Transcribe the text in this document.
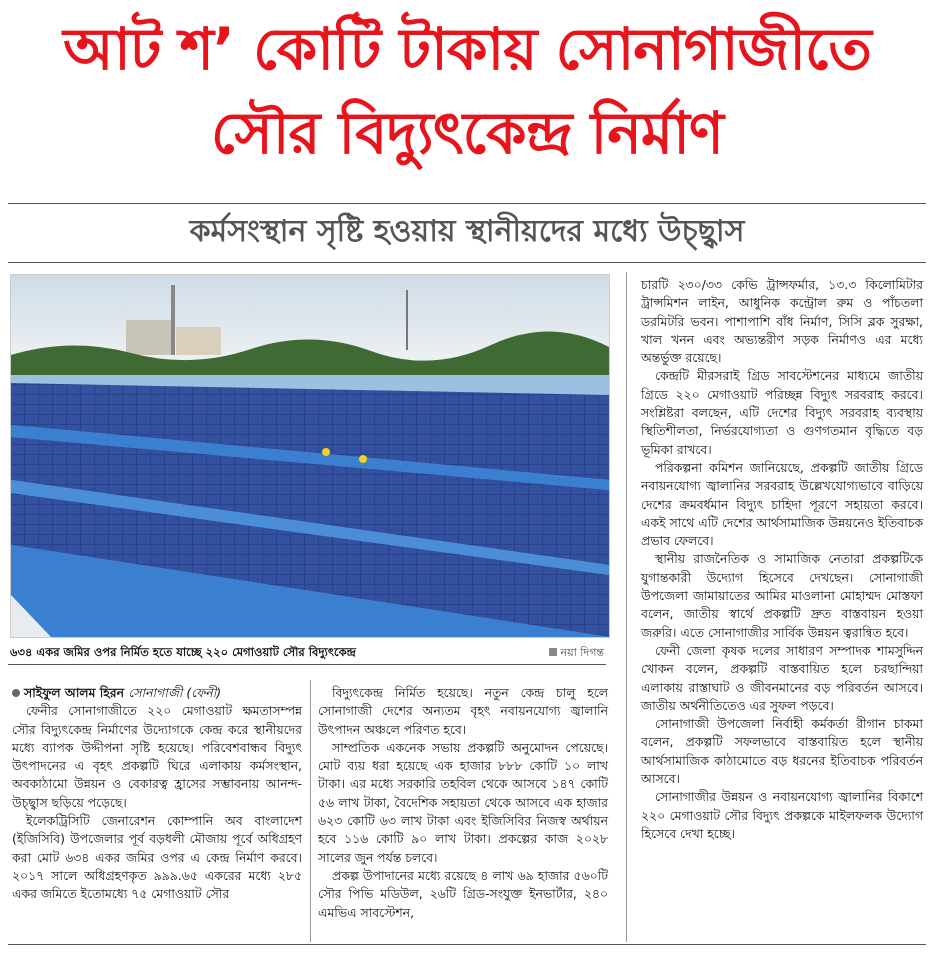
আট শ’ কোটি টাকায় সোনাগাজীতে
সৌর বিদ্যুৎকেন্দ্র নির্মাণ
কর্মসংস্থান সৃষ্টি হওয়ায় স্থানীয়দের মধ্যে উচ্ছ্বাস
৬৩৪ একর জমির ওপর নির্মিত হতে যাচ্ছে ২২০ মেগাওয়াট সৌর বিদ্যুৎকেন্দ্র	নয়া দিগন্ত

সাইফুল আলম হিরন সোনাগাজী (ফেনী)

ফেনীর সোনাগাজীতে ২২০ মেগাওয়াট ক্ষমতাসম্পন্ন সৌর বিদ্যুৎকেন্দ্র নির্মাণের উদ্যোগকে কেন্দ্র করে স্থানীয়দের মধ্যে ব্যাপক উদ্দীপনা সৃষ্টি হয়েছে। পরিবেশবান্ধব বিদ্যুৎ উৎপাদনের এ বৃহৎ প্রকল্পটি ঘিরে এলাকায় কর্মসংস্থান, অবকাঠামো উন্নয়ন ও বেকারত্ব হ্রাসের সম্ভাবনায় আনন্দ-উচ্ছ্বাস ছড়িয়ে পড়েছে।

ইলেকট্রিসিটি জেনারেশন কোম্পানি অব বাংলাদেশ (ইজিসিবি) উপজেলার পূর্ব বড়ধলী মৌজায় পূর্বে অধিগ্রহণ করা মোট ৬৩৪ একর জমির ওপর এ কেন্দ্র নির্মাণ করবে। ২০১৭ সালে অধিগ্রহণকৃত ৯৯৯.৬৫ একরের মধ্যে ২৮৫ একর জমিতে ইতোমধ্যে ৭৫ মেগাওয়াট সৌর

বিদ্যুৎকেন্দ্র নির্মিত হয়েছে। নতুন কেন্দ্র চালু হলে সোনাগাজী দেশের অন্যতম বৃহৎ নবায়নযোগ্য জ্বালানি উৎপাদন অঞ্চলে পরিণত হবে।

সাম্প্রতিক একনেক সভায় প্রকল্পটি অনুমোদন পেয়েছে। মোট ব্যয় ধরা হয়েছে এক হাজার ৮৮৮ কোটি ১০ লাখ টাকা। এর মধ্যে সরকারি তহবিল থেকে আসবে ১৪৭ কোটি ৫৬ লাখ টাকা, বৈদেশিক সহায়তা থেকে আসবে এক হাজার ৬২৩ কোটি ৬৩ লাখ টাকা এবং ইজিসিবির নিজস্ব অর্থায়ন হবে ১১৬ কোটি ৯০ লাখ টাকা। প্রকল্পের কাজ ২০২৮ সালের জুন পর্যন্ত চলবে।

প্রকল্প উপাদানের মধ্যে রয়েছে ৪ লাখ ৬৯ হাজার ৫৬০টি সৌর পিভি মডিউল, ২৬টি গ্রিড-সংযুক্ত ইনভার্টার, ২৪০ এমভিএ সাবস্টেশন,

চারটি ২৩০/৩৩ কেভি ট্রান্সফর্মার, ১৩.৩ কিলোমিটার ট্রান্সমিশন লাইন, আধুনিক কন্ট্রোল রুম ও পাঁচতলা ডরমিটরি ভবন। পাশাপাশি বাঁধ নির্মাণ, সিসি ব্লক সুরক্ষা, খাল খনন এবং অভ্যন্তরীণ সড়ক নির্মাণও এর মধ্যে অন্তর্ভুক্ত রয়েছে।

কেন্দ্রটি মীরসরাই গ্রিড সাবস্টেশনের মাধ্যমে জাতীয় গ্রিডে ২২০ মেগাওয়াট পরিচ্ছন্ন বিদ্যুৎ সরবরাহ করবে। সংশ্লিষ্টরা বলছেন, এটি দেশের বিদ্যুৎ সরবরাহ ব্যবস্থায় স্থিতিশীলতা, নির্ভরযোগ্যতা ও গুণগতমান বৃদ্ধিতে বড় ভূমিকা রাখবে।

পরিকল্পনা কমিশন জানিয়েছে, প্রকল্পটি জাতীয় গ্রিডে নবায়নযোগ্য জ্বালানির সরবরাহ উল্লেখযোগ্যভাবে বাড়িয়ে দেশের ক্রমবর্ধমান বিদ্যুৎ চাহিদা পূরণে সহায়তা করবে। একই সাথে এটি দেশের আর্থসামাজিক উন্নয়নেও ইতিবাচক প্রভাব ফেলবে।

স্থানীয় রাজনৈতিক ও সামাজিক নেতারা প্রকল্পটিকে যুগান্তকারী উদ্যোগ হিসেবে দেখছেন। সোনাগাজী উপজেলা জামায়াতের আমির মাওলানা মোহাম্মদ মোস্তফা বলেন, জাতীয় স্বার্থে প্রকল্পটি দ্রুত বাস্তবায়ন হওয়া জরুরি। এতে সোনাগাজীর সার্বিক উন্নয়ন ত্বরান্বিত হবে।

ফেনী জেলা কৃষক দলের সাধারণ সম্পাদক শামসুদ্দিন খোকন বলেন, প্রকল্পটি বাস্তবায়িত হলে চরছান্দিয়া এলাকায় রাস্তাঘাট ও জীবনমানের বড় পরিবর্তন আসবে। জাতীয় অর্থনীতিতেও এর সুফল পড়বে।

সোনাগাজী উপজেলা নির্বাহী কর্মকর্তা রীগান চাকমা বলেন, প্রকল্পটি সফলভাবে বাস্তবায়িত হলে স্থানীয় আর্থসামাজিক কাঠামোতে বড় ধরনের ইতিবাচক পরিবর্তন আসবে।

সোনাগাজীর উন্নয়ন ও নবায়নযোগ্য জ্বালানির বিকাশে ২২০ মেগাওয়াট সৌর বিদ্যুৎ প্রকল্পকে মাইলফলক উদ্যোগ হিসেবে দেখা হচ্ছে।
